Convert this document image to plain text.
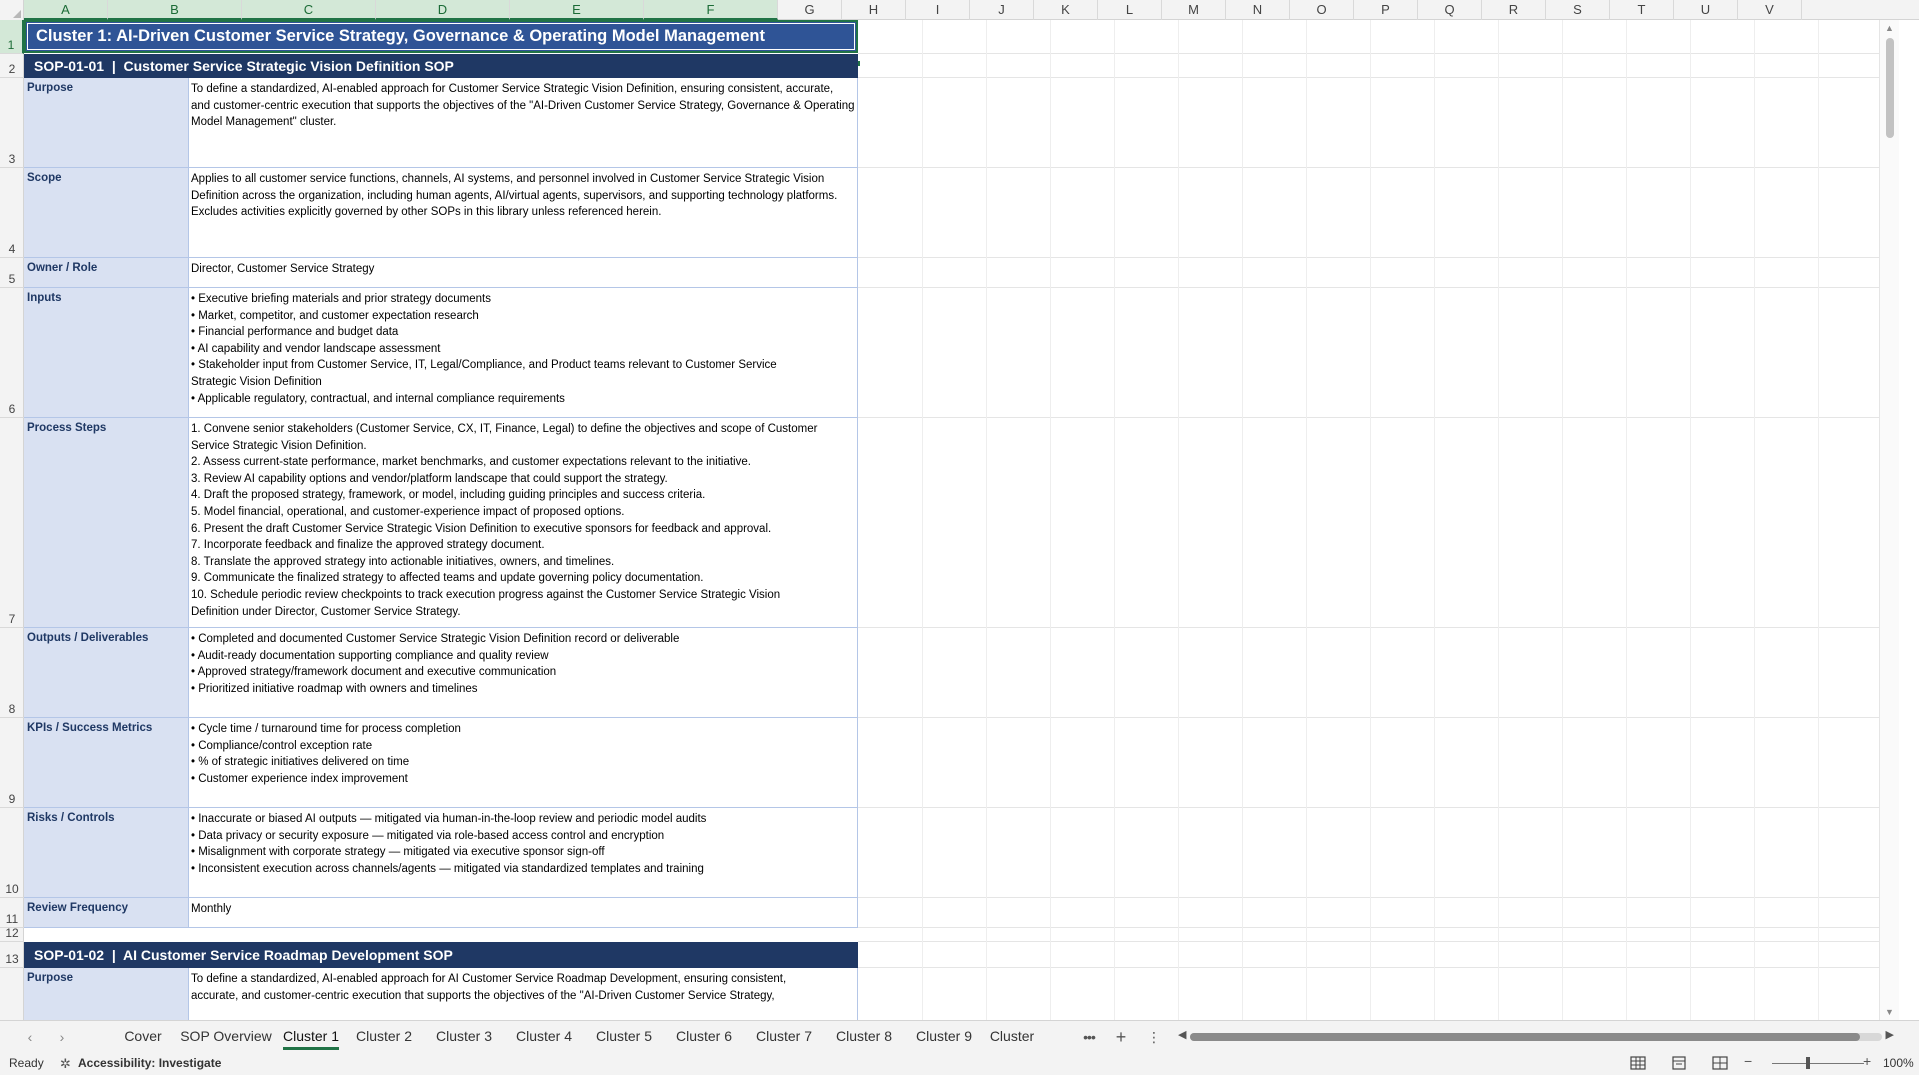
A	B	C	D	E	F	G	H	I	J	K	L	M	N	O	P	Q	R	S	T	U	V
1
2
3
4
5
6
7
8
9
10
11
12
13
Cluster 1: AI-Driven Customer Service Strategy, Governance & Operating Model Management
SOP-01-01  |  Customer Service Strategic Vision Definition SOP
Purpose	To define a standardized, AI-enabled approach for Customer Service Strategic Vision Definition, ensuring consistent, accurate, and customer-centric execution that supports the objectives of the "AI-Driven Customer Service Strategy, Governance & Operating Model Management" cluster.
Scope	Applies to all customer service functions, channels, AI systems, and personnel involved in Customer Service Strategic Vision Definition across the organization, including human agents, AI/virtual agents, supervisors, and supporting technology platforms. Excludes activities explicitly governed by other SOPs in this library unless referenced herein.
Owner / Role	Director, Customer Service Strategy
Inputs	• Executive briefing materials and prior strategy documents
• Market, competitor, and customer expectation research
• Financial performance and budget data
• AI capability and vendor landscape assessment
• Stakeholder input from Customer Service, IT, Legal/Compliance, and Product teams relevant to Customer Service
Strategic Vision Definition
• Applicable regulatory, contractual, and internal compliance requirements
Process Steps	1. Convene senior stakeholders (Customer Service, CX, IT, Finance, Legal) to define the objectives and scope of Customer
Service Strategic Vision Definition.
2. Assess current-state performance, market benchmarks, and customer expectations relevant to the initiative.
3. Review AI capability options and vendor/platform landscape that could support the strategy.
4. Draft the proposed strategy, framework, or model, including guiding principles and success criteria.
5. Model financial, operational, and customer-experience impact of proposed options.
6. Present the draft Customer Service Strategic Vision Definition to executive sponsors for feedback and approval.
7. Incorporate feedback and finalize the approved strategy document.
8. Translate the approved strategy into actionable initiatives, owners, and timelines.
9. Communicate the finalized strategy to affected teams and update governing policy documentation.
10. Schedule periodic review checkpoints to track execution progress against the Customer Service Strategic Vision
Definition under Director, Customer Service Strategy.
Outputs / Deliverables	• Completed and documented Customer Service Strategic Vision Definition record or deliverable
• Audit-ready documentation supporting compliance and quality review
• Approved strategy/framework document and executive communication
• Prioritized initiative roadmap with owners and timelines
KPIs / Success Metrics	• Cycle time / turnaround time for process completion
• Compliance/control exception rate
• % of strategic initiatives delivered on time
• Customer experience index improvement
Risks / Controls	• Inaccurate or biased AI outputs — mitigated via human-in-the-loop review and periodic model audits
• Data privacy or security exposure — mitigated via role-based access control and encryption
• Misalignment with corporate strategy — mitigated via executive sponsor sign-off
• Inconsistent execution across channels/agents — mitigated via standardized templates and training
Review Frequency	Monthly
SOP-01-02  |  AI Customer Service Roadmap Development SOP
Purpose	To define a standardized, AI-enabled approach for AI Customer Service Roadmap Development, ensuring consistent,
accurate, and customer-centric execution that supports the objectives of the "AI-Driven Customer Service Strategy,
▲
▼
‹	›	Cover	SOP Overview Cluster 1	Cluster 2	Cluster 3	Cluster 4	Cluster 5	Cluster 6	Cluster 7	Cluster 8	Cluster 9	Cluster	••• +	⋮ ◀	▶
Ready ✲ Accessibility: Investigate	−	+ 100%
